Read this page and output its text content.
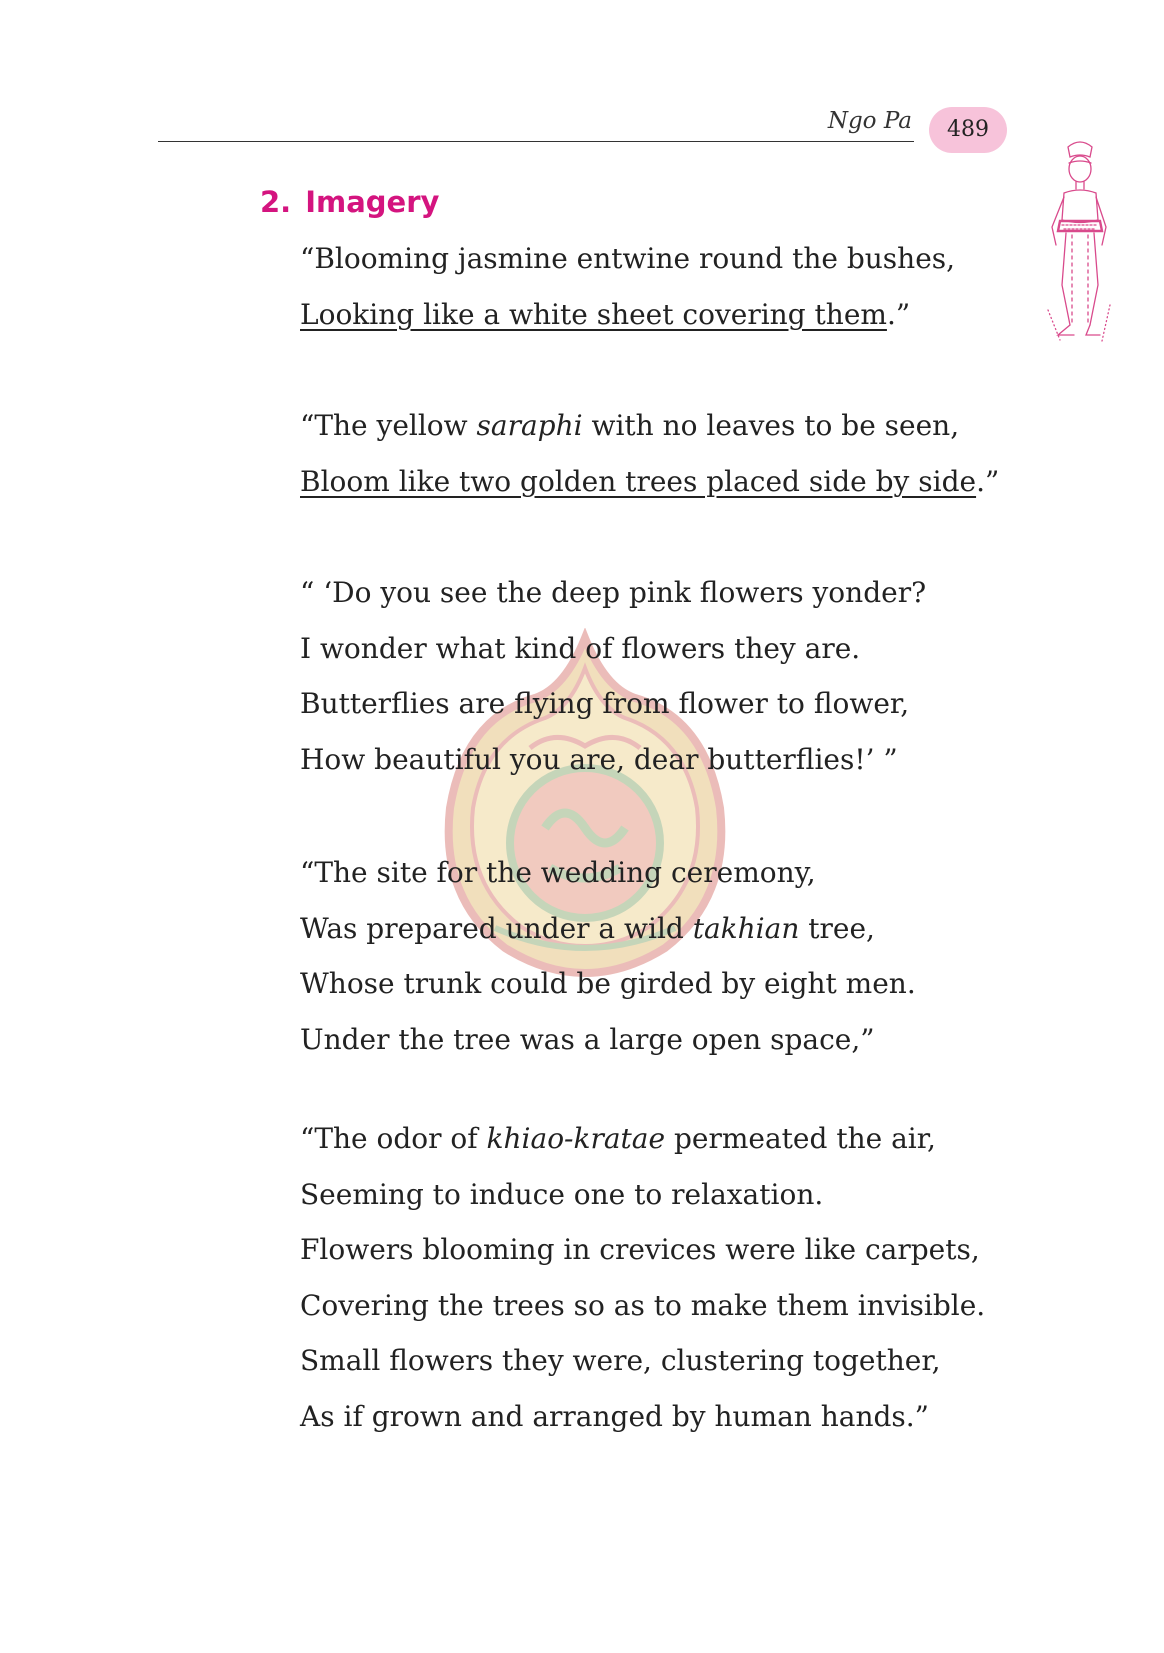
Ngo Pa	489
2. Imagery
“Blooming jasmine entwine round the bushes,
Looking like a white sheet covering them.”
“The yellow saraphi with no leaves to be seen,
Bloom like two golden trees placed side by side.”
“ ‘Do you see the deep pink flowers yonder?
I wonder what kind of flowers they are.
Butterflies are flying from flower to flower,
How beautiful you are, dear butterflies!’ ”
“The site for the wedding ceremony,
Was prepared under a wild takhian tree,
Whose trunk could be girded by eight men.
Under the tree was a large open space,”
“The odor of khiao-kratae permeated the air,
Seeming to induce one to relaxation.
Flowers blooming in crevices were like carpets,
Covering the trees so as to make them invisible.
Small flowers they were, clustering together,
As if grown and arranged by human hands.”
